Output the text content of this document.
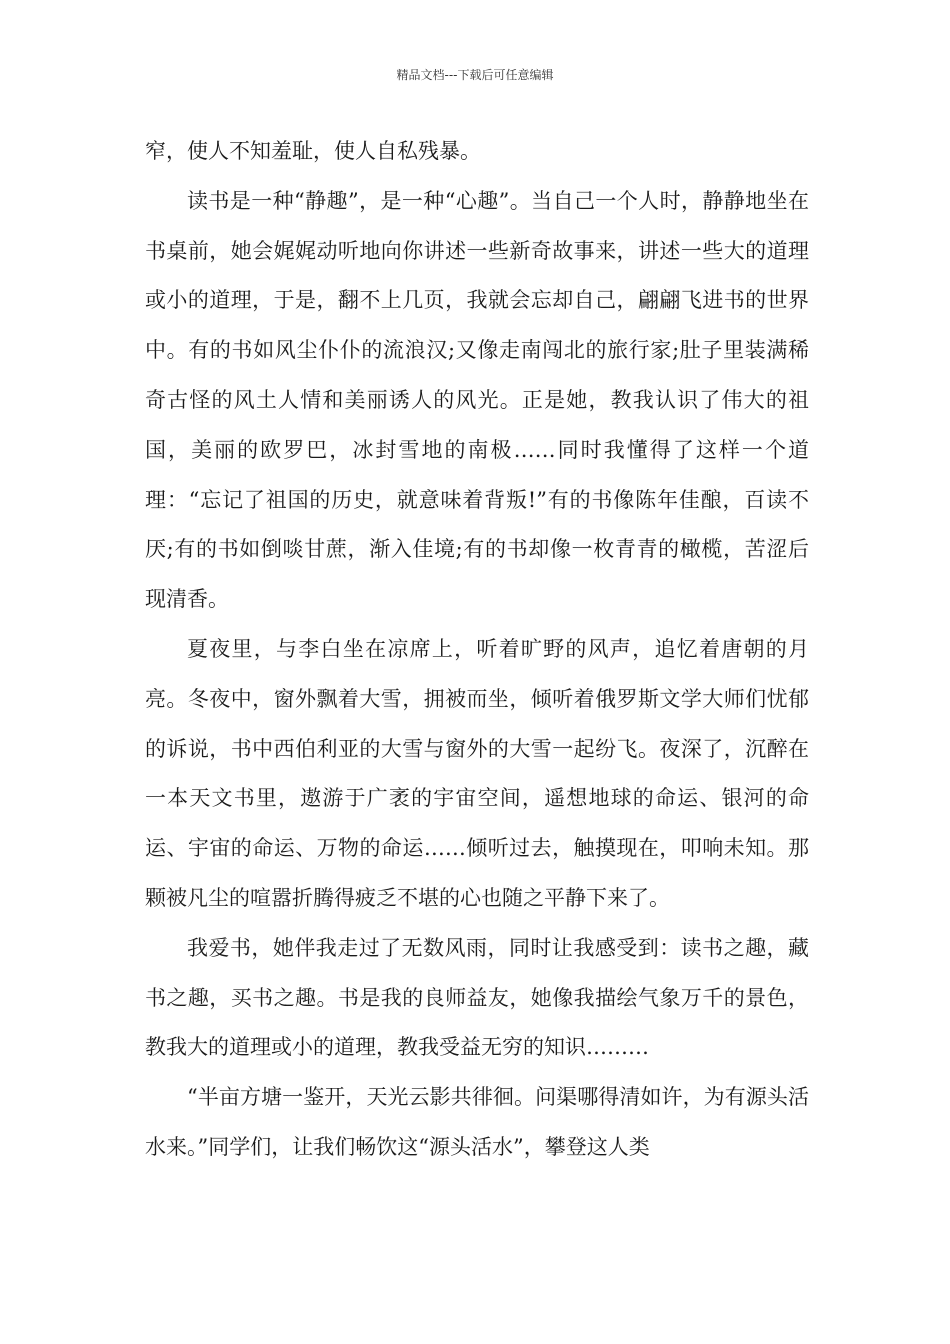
精品文档---下载后可任意编辑

窄，使人不知羞耻，使人自私残暴。

读书是一种“静趣”，是一种“心趣”。当自己一个人时，静静地坐在书桌前，她会娓娓动听地向你讲述一些新奇故事来，讲述一些大的道理或小的道理，于是，翻不上几页，我就会忘却自己，翩翩飞进书的世界中。有的书如风尘仆仆的流浪汉;又像走南闯北的旅行家;肚子里装满稀奇古怪的风土人情和美丽诱人的风光。正是她，教我认识了伟大的祖国，美丽的欧罗巴，冰封雪地的南极……同时我懂得了这样一个道理：“忘记了祖国的历史，就意味着背叛!”有的书像陈年佳酿，百读不厌;有的书如倒啖甘蔗，渐入佳境;有的书却像一枚青青的橄榄，苦涩后现清香。

夏夜里，与李白坐在凉席上，听着旷野的风声，追忆着唐朝的月亮。冬夜中，窗外飘着大雪，拥被而坐，倾听着俄罗斯文学大师们忧郁的诉说，书中西伯利亚的大雪与窗外的大雪一起纷飞。夜深了，沉醉在一本天文书里，遨游于广袤的宇宙空间，遥想地球的命运、银河的命运、宇宙的命运、万物的命运……倾听过去，触摸现在，叩响未知。那颗被凡尘的喧嚣折腾得疲乏不堪的心也随之平静下来了。

我爱书，她伴我走过了无数风雨，同时让我感受到：读书之趣，藏书之趣，买书之趣。书是我的良师益友，她像我描绘气象万千的景色，教我大的道理或小的道理，教我受益无穷的知识………

“半亩方塘一鉴开，天光云影共徘徊。问渠哪得清如许，为有源头活水来。”同学们，让我们畅饮这“源头活水”，攀登这人类
